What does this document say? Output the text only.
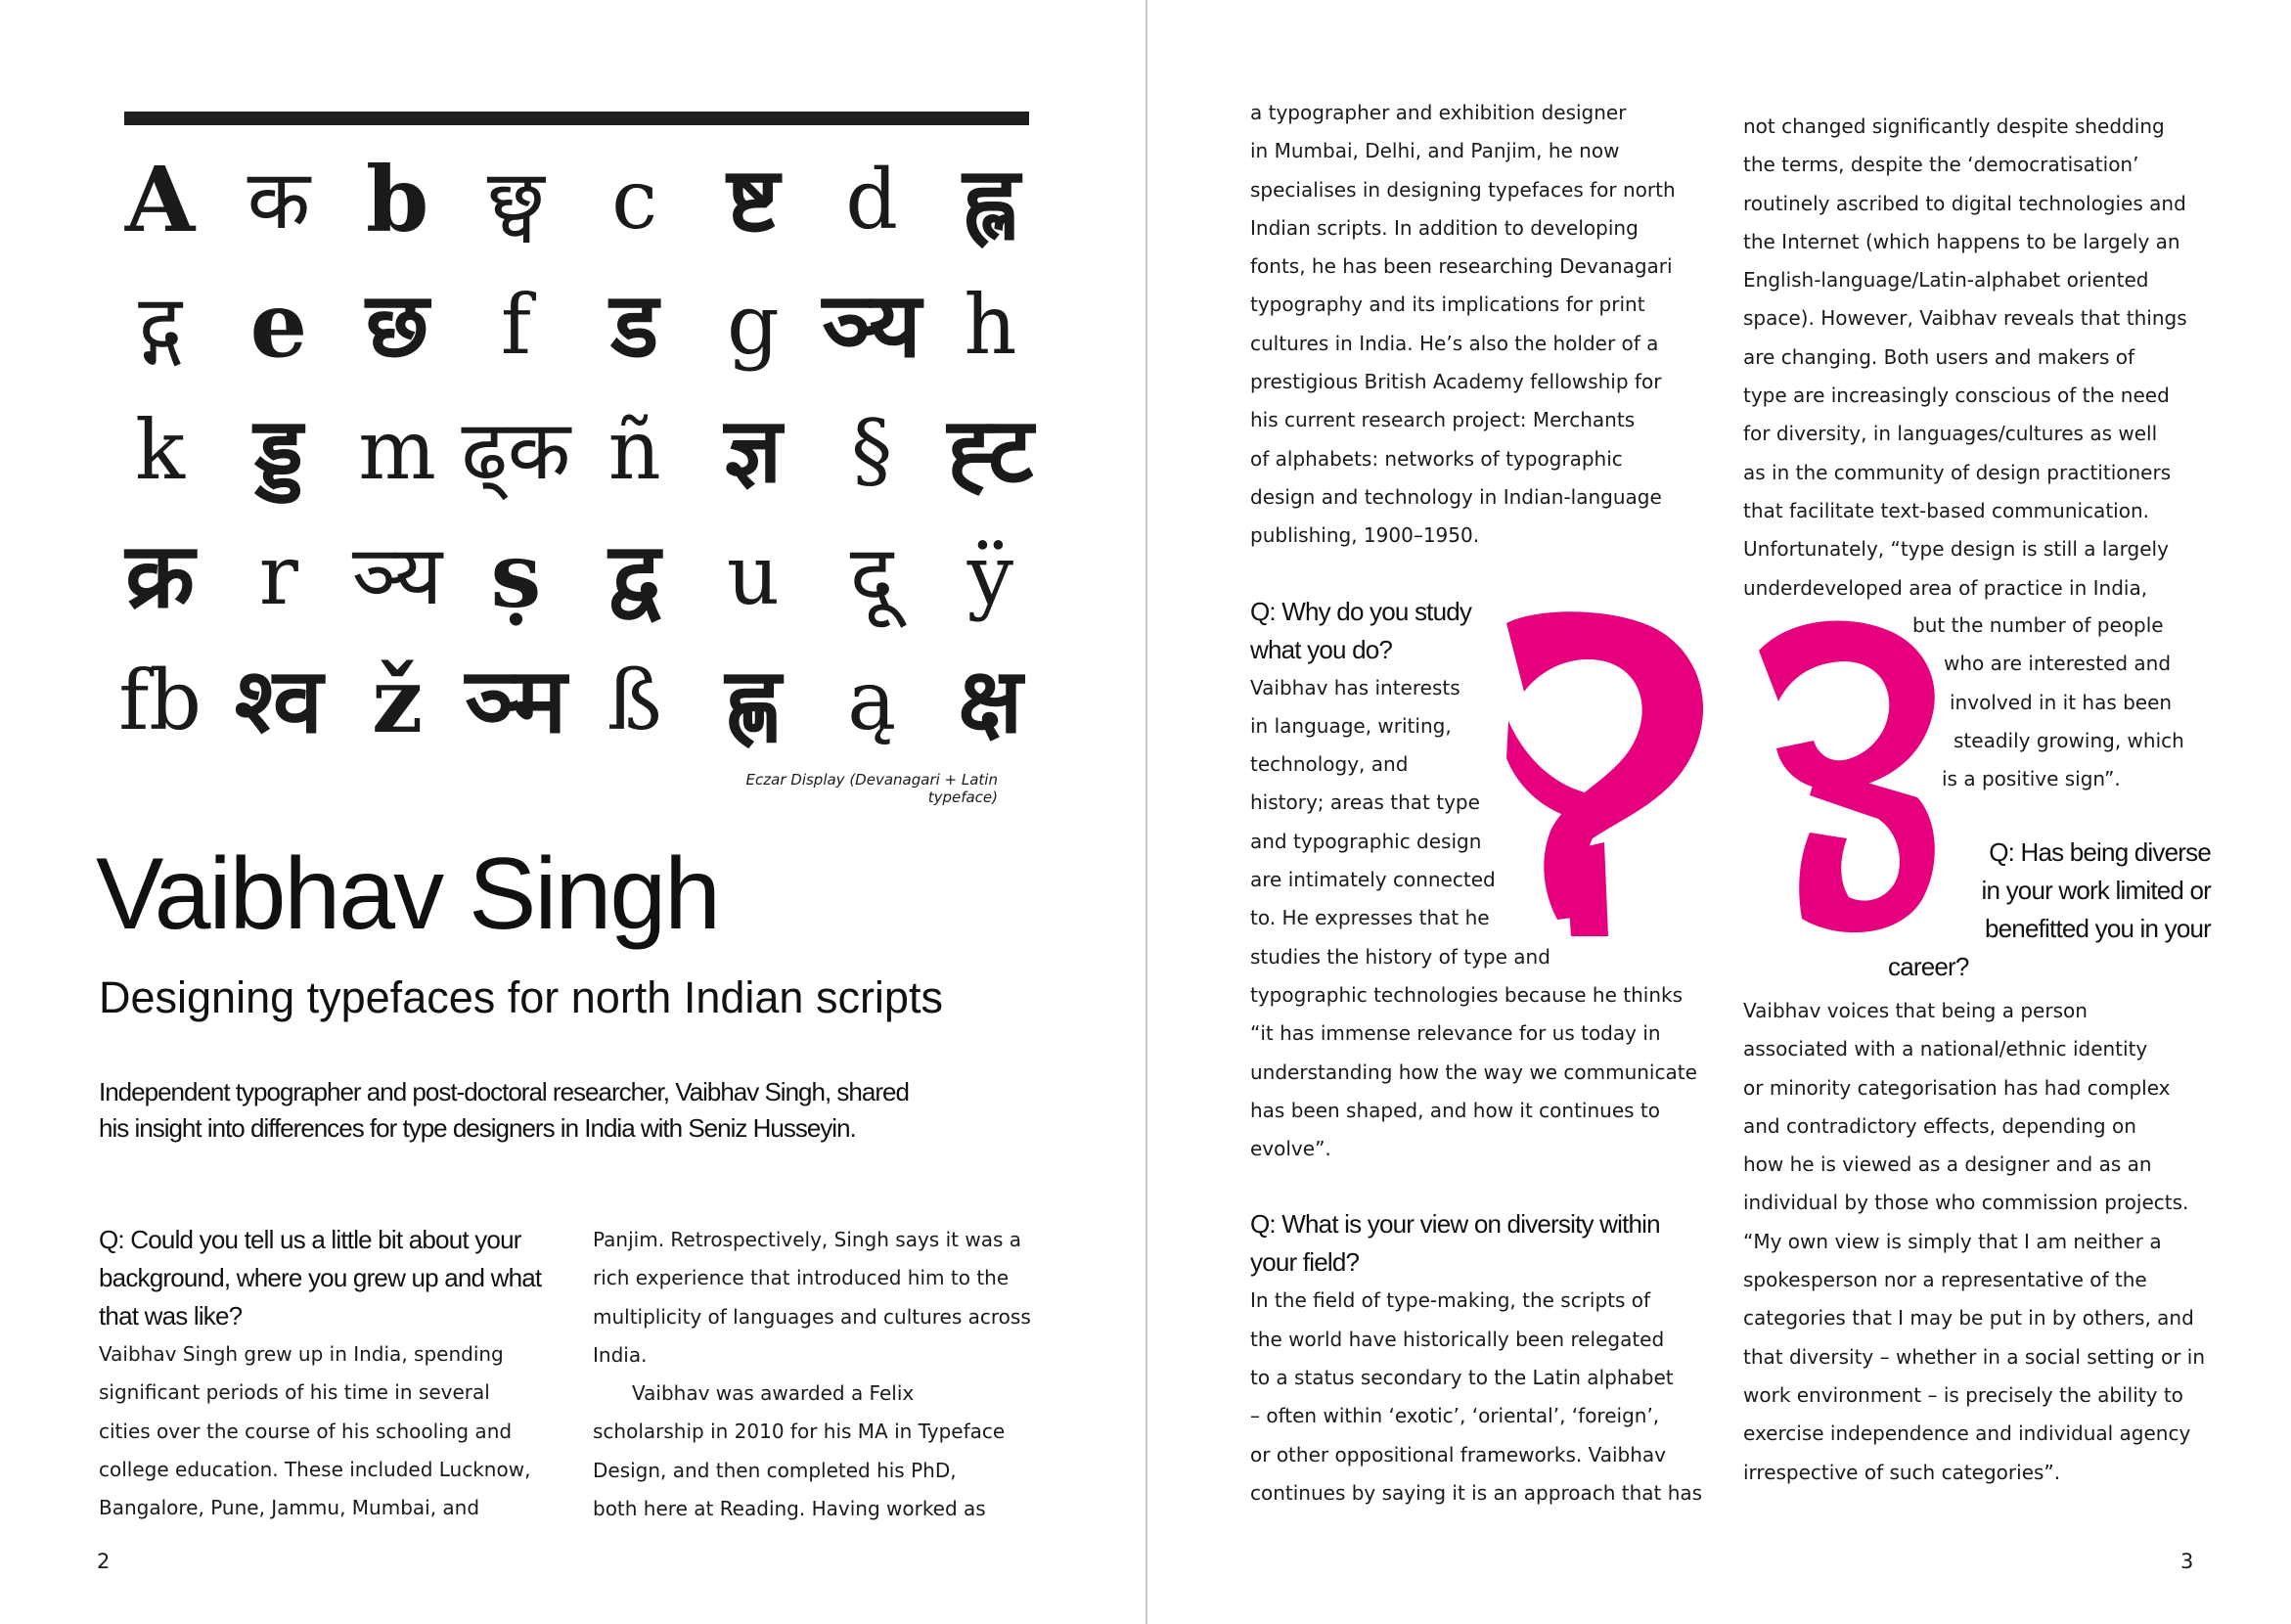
A क b छ्व c ष्ट d ह्ल
द्ग e छ f ड g ञ्य h
k ड्ड m ढ्क ñ ज्ञ § ह्ट
क्र r ञ्य ṣ द्व u दू ÿ
fb श्व ž ञ्म ß ह्ण ą क्ष
Eczar Display (Devanagari + Latin typeface)
Vaibhav Singh
Designing typefaces for north Indian scripts

Independent typographer and post-doctoral researcher, Vaibhav Singh, shared
his insight into differences for type designers in India with Seniz Husseyin.

Q: Could you tell us a little bit about your
background, where you grew up and what
that was like?

Vaibhav Singh grew up in India, spending
significant periods of his time in several
cities over the course of his schooling and
college education. These included Lucknow,
Bangalore, Pune, Jammu, Mumbai, and

Panjim. Retrospectively, Singh says it was a
rich experience that introduced him to the
multiplicity of languages and cultures across
India.
Vaibhav was awarded a Felix
scholarship in 2010 for his MA in Typeface
Design, and then completed his PhD,
both here at Reading. Having worked as

2

a typographer and exhibition designer
in Mumbai, Delhi, and Panjim, he now
specialises in designing typefaces for north
Indian scripts. In addition to developing
fonts, he has been researching Devanagari
typography and its implications for print
cultures in India. He’s also the holder of a
prestigious British Academy fellowship for
his current research project: Merchants
of alphabets: networks of typographic
design and technology in Indian-language
publishing, 1900–1950.

Q: Why do you study
what you do?

Vaibhav has interests
in language, writing,
technology, and
history; areas that type
and typographic design
are intimately connected
to. He expresses that he
studies the history of type and
typographic technologies because he thinks
“it has immense relevance for us today in
understanding how the way we communicate
has been shaped, and how it continues to
evolve”.

Q: What is your view on diversity within
your field?

In the field of type-making, the scripts of
the world have historically been relegated
to a status secondary to the Latin alphabet
– often within ‘exotic’, ‘oriental’, ‘foreign’,
or other oppositional frameworks. Vaibhav
continues by saying it is an approach that has

not changed significantly despite shedding
the terms, despite the ‘democratisation’
routinely ascribed to digital technologies and
the Internet (which happens to be largely an
English-language/Latin-alphabet oriented
space). However, Vaibhav reveals that things
are changing. Both users and makers of
type are increasingly conscious of the need
for diversity, in languages/cultures as well
as in the community of design practitioners
that facilitate text-based communication.
Unfortunately, “type design is still a largely
underdeveloped area of practice in India,

but the number of people
who are interested and
involved in it has been
steadily growing, which
is a positive sign”.

Q: Has being diverse
in your work limited or
benefitted you in your
career?

Vaibhav voices that being a person
associated with a national/ethnic identity
or minority categorisation has had complex
and contradictory effects, depending on
how he is viewed as a designer and as an
individual by those who commission projects.
“My own view is simply that I am neither a
spokesperson nor a representative of the
categories that I may be put in by others, and
that diversity – whether in a social setting or in
work environment – is precisely the ability to
exercise independence and individual agency
irrespective of such categories”.

3
